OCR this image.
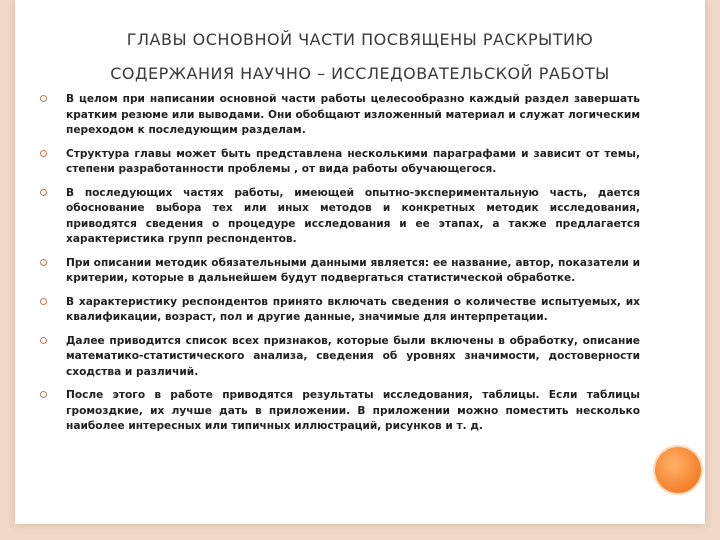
ГЛАВЫ ОСНОВНОЙ ЧАСТИ ПОСВЯЩЕНЫ РАСКРЫТИЮ
СОДЕРЖАНИЯ НАУЧНО – ИССЛЕДОВАТЕЛЬСКОЙ РАБОТЫ
В целом при написании основной части работы целесообразно каждый раздел завершать кратким резюме или выводами. Они обобщают изложенный материал и служат логическим переходом к последующим разделам.
Структура главы может быть представлена несколькими параграфами и зависит от темы, степени разработанности проблемы , от вида работы обучающегося.
В последующих частях работы, имеющей опытно-экспериментальную часть, дается обоснование выбора тех или иных методов и конкретных методик исследования, приводятся сведения о процедуре исследования и ее этапах, а также предлагается характеристика групп респондентов.
При описании методик обязательными данными является: ее название, автор, показатели и критерии, которые в дальнейшем будут подвергаться статистической обработке.
В характеристику респондентов принято включать сведения о количестве испытуемых, их квалификации, возраст, пол и другие данные, значимые для интерпретации.
Далее приводится список всех признаков, которые были включены в обработку, описание математико-статистического анализа, сведения об уровнях значимости, достоверности сходства и различий.
После этого в работе приводятся результаты исследования, таблицы. Если таблицы громоздкие, их лучше дать в приложении. В приложении можно поместить несколько наиболее интересных или типичных иллюстраций, рисунков и т. д.
